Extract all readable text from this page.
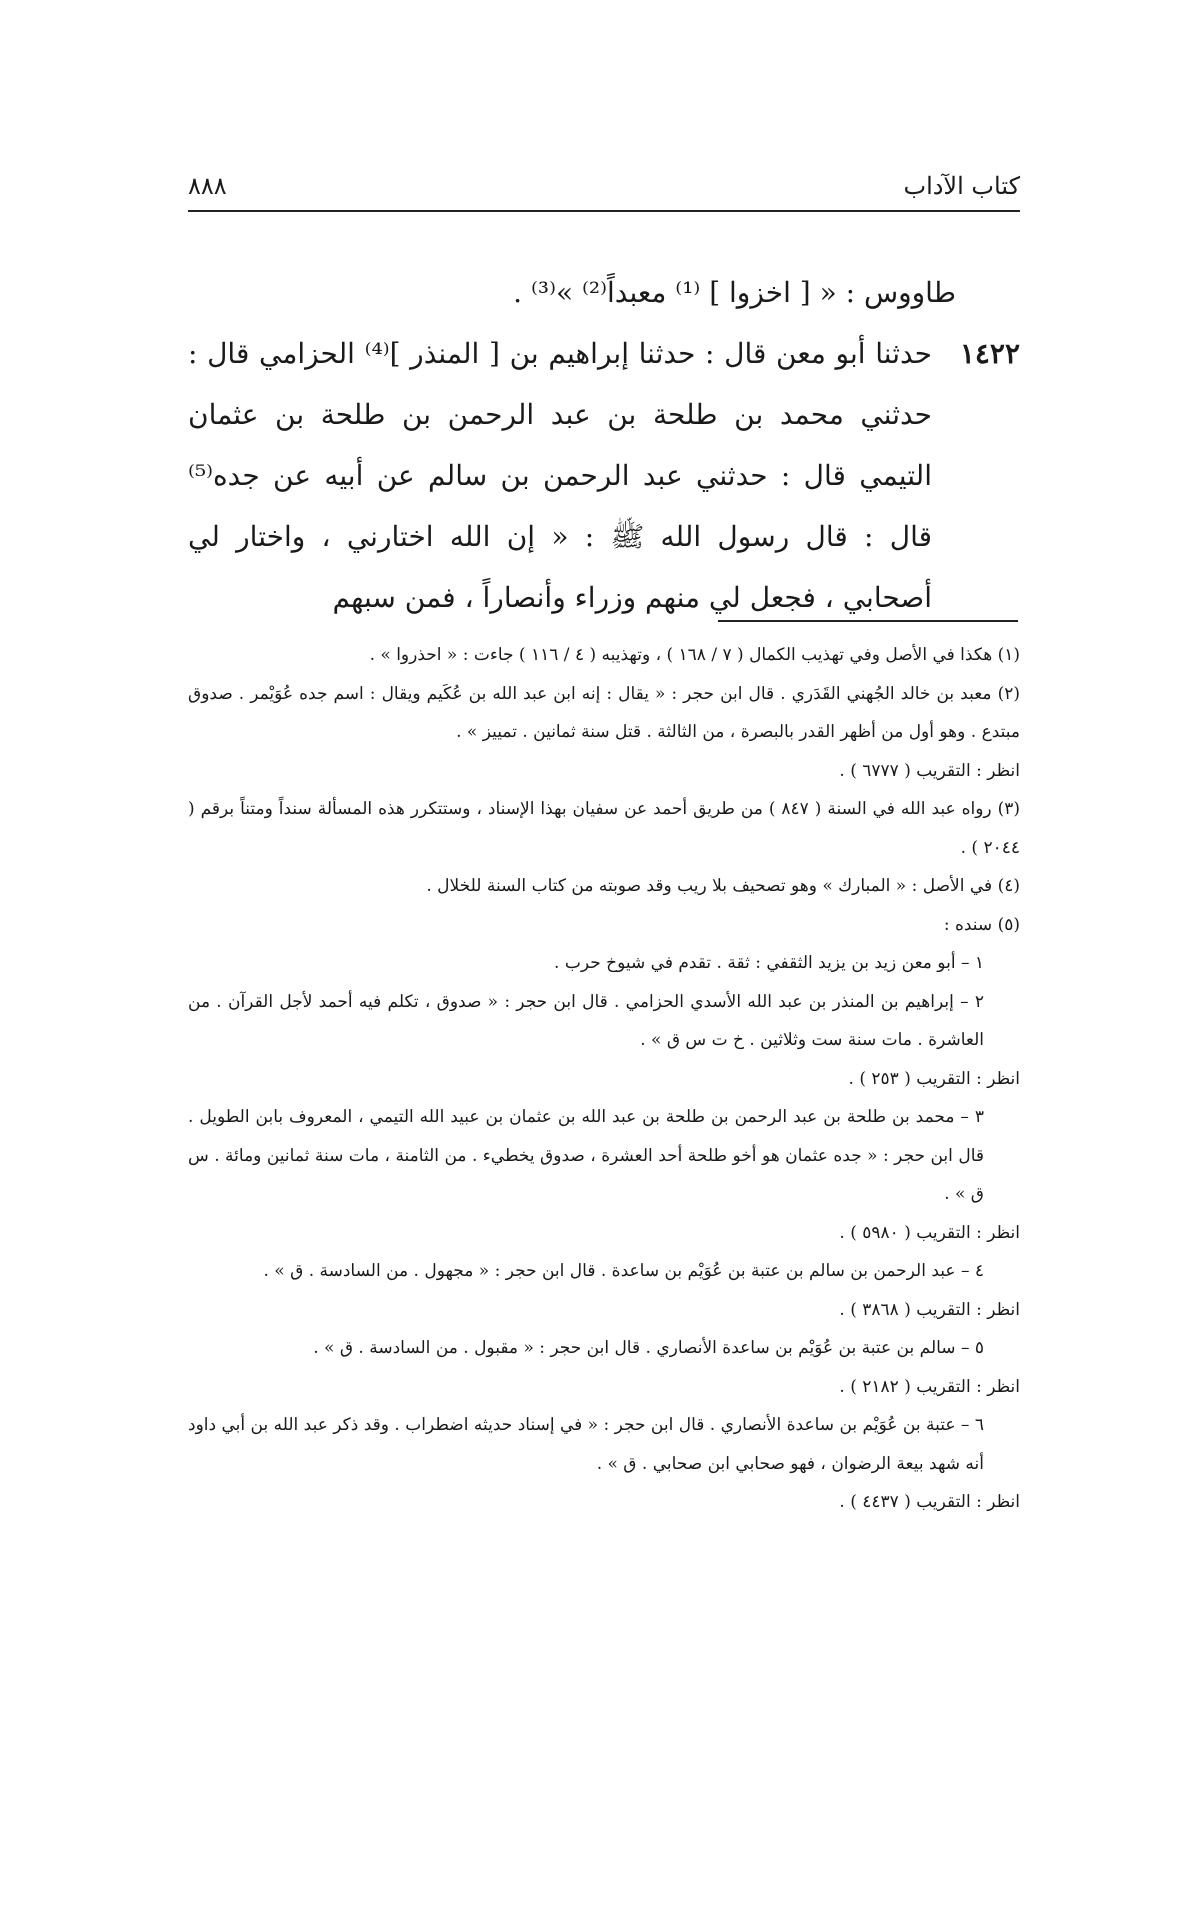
كتاب الآداب
٨٨٨

طاووس : « [ اخزوا ] ⁽¹⁾ معبداً⁽²⁾ »⁽³⁾ .

١٤٢٢
حدثنا أبو معن قال : حدثنا إبراهيم بن [ المنذر ]⁽⁴⁾ الحزامي قال : حدثني محمد بن طلحة بن عبد الرحمن بن طلحة بن عثمان التيمي قال : حدثني عبد الرحمن بن سالم عن أبيه عن جده⁽⁵⁾ قال : قال رسول الله ﷺ : « إن الله اختارني ، واختار لي أصحابي ، فجعل لي منهم وزراء وأنصاراً ، فمن سبهم

(١) هكذا في الأصل وفي تهذيب الكمال ( ٧ / ١٦٨ ) ، وتهذيبه ( ٤ / ١١٦ ) جاءت : « احذروا » .

(٢) معبد بن خالد الجُهني القَدَري . قال ابن حجر : « يقال : إنه ابن عبد الله بن عُكَيم ويقال : اسم جده عُوَيْمر . صدوق مبتدع . وهو أول من أظهر القدر بالبصرة ، من الثالثة . قتل سنة ثمانين . تمييز » .

انظر : التقريب ( ٦٧٧٧ ) .

(٣) رواه عبد الله في السنة ( ٨٤٧ ) من طريق أحمد عن سفيان بهذا الإسناد ، وستتكرر هذه المسألة سنداً ومتناً برقم ( ٢٠٤٤ ) .

(٤) في الأصل : « المبارك » وهو تصحيف بلا ريب وقد صوبته من كتاب السنة للخلال .

(٥) سنده :

١ – أبو معن زيد بن يزيد الثقفي : ثقة . تقدم في شيوخ حرب .

٢ – إبراهيم بن المنذر بن عبد الله الأسدي الحزامي . قال ابن حجر : « صدوق ، تكلم فيه أحمد لأجل القرآن . من العاشرة . مات سنة ست وثلاثين . خ ت س ق » .

انظر : التقريب ( ٢٥٣ ) .

٣ – محمد بن طلحة بن عبد الرحمن بن طلحة بن عبد الله بن عثمان بن عبيد الله التيمي ، المعروف بابن الطويل . قال ابن حجر : « جده عثمان هو أخو طلحة أحد العشرة ، صدوق يخطيء . من الثامنة ، مات سنة ثمانين ومائة . س ق » .

انظر : التقريب ( ٥٩٨٠ ) .

٤ – عبد الرحمن بن سالم بن عتبة بن عُوَيْم بن ساعدة . قال ابن حجر : « مجهول . من السادسة . ق » .

انظر : التقريب ( ٣٨٦٨ ) .

٥ – سالم بن عتبة بن عُوَيْم بن ساعدة الأنصاري . قال ابن حجر : « مقبول . من السادسة . ق » .

انظر : التقريب ( ٢١٨٢ ) .

٦ – عتبة بن عُوَيْم بن ساعدة الأنصاري . قال ابن حجر : « في إسناد حديثه اضطراب . وقد ذكر عبد الله بن أبي داود أنه شهد بيعة الرضوان ، فهو صحابي ابن صحابي . ق » .

انظر : التقريب ( ٤٤٣٧ ) .
